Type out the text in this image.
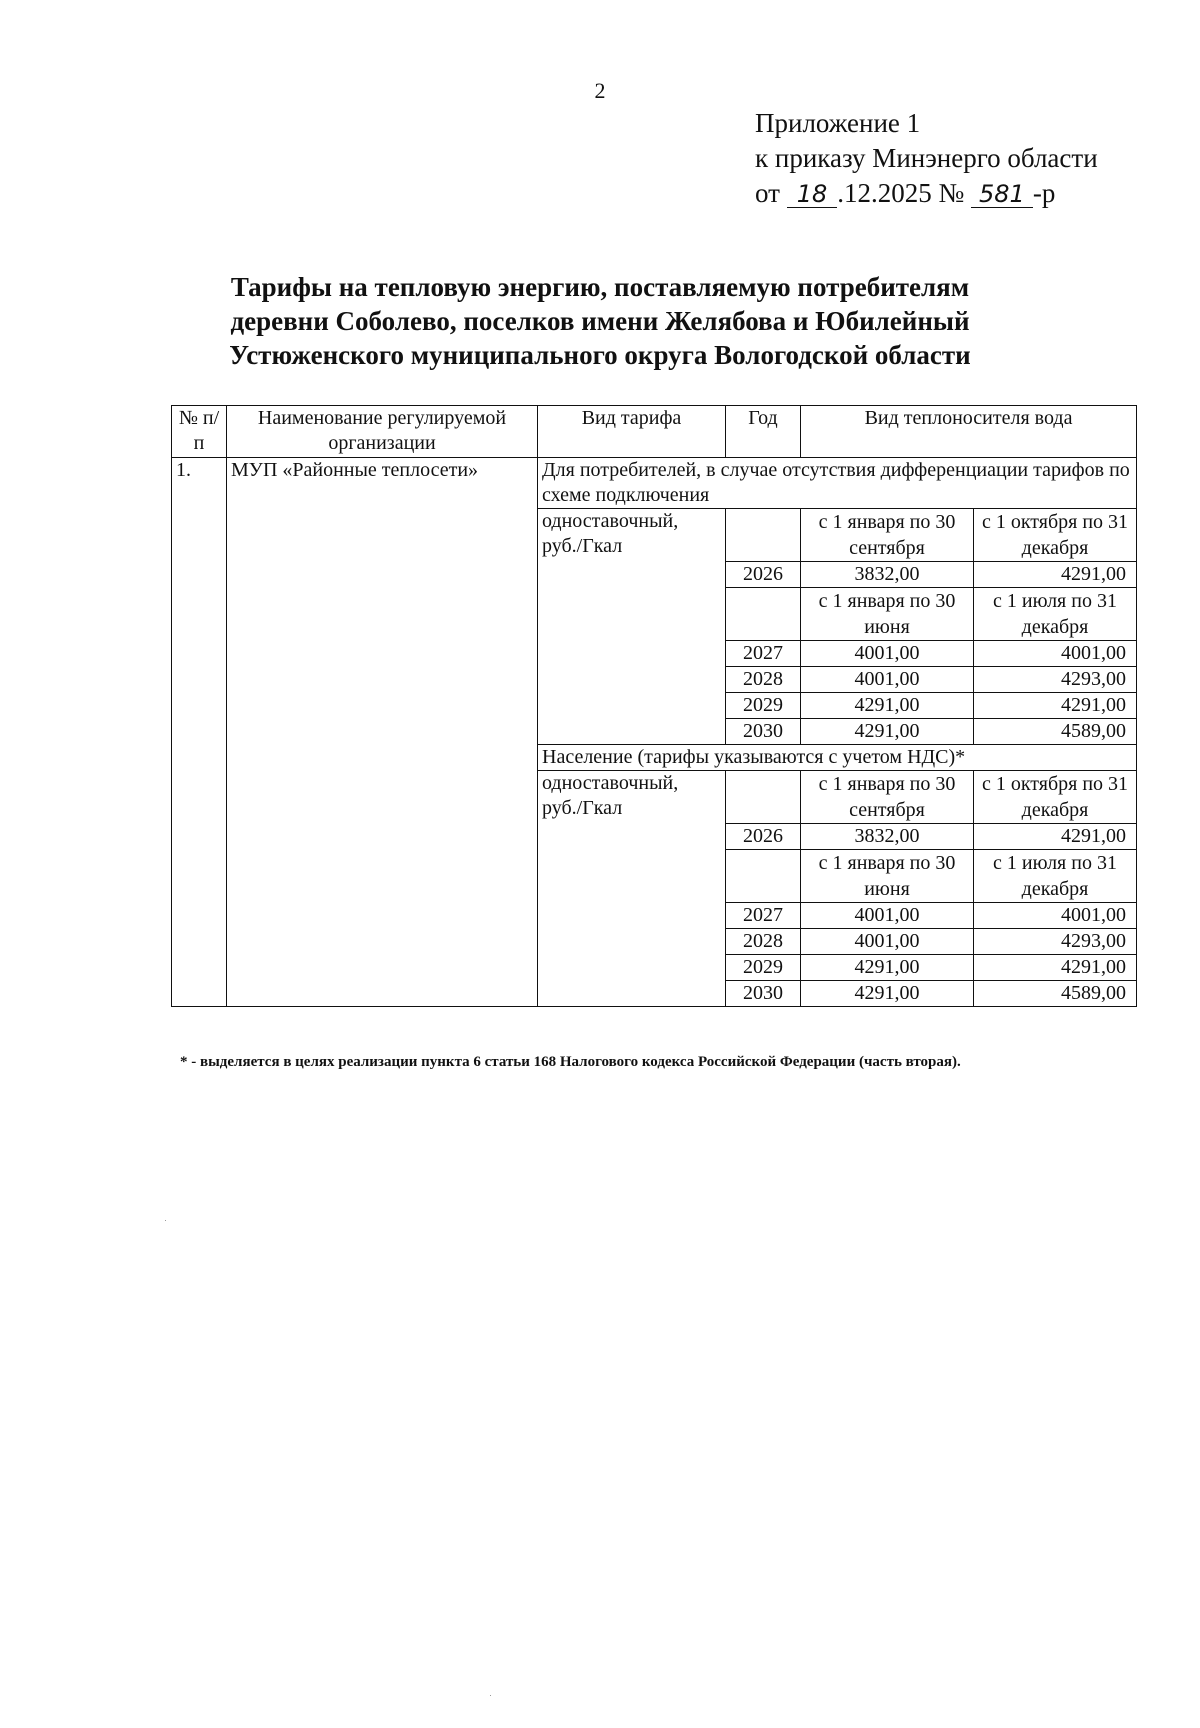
2
Приложение 1
к приказу Минэнерго области
от 18 .12.2025 № 581 -р
Тарифы на тепловую энергию, поставляемую потребителям
деревни Соболево, поселков имени Желябова и Юбилейный
Устюженского муниципального округа Вологодской области
№ п/п	Наименование регулируемой организации	Вид тарифа	Год	Вид теплоносителя вода	
1.	МУП «Районные теплосети»	Для потребителей, в случае отсутствия дифференциации тарифов по схеме подключения			
		одноставочный, руб./Гкал		с 1 января по 30 сентября	с 1 октября по 31 декабря
			2026	3832,00	4291,00
				с 1 января по 30 июня	с 1 июля по 31 декабря
			2027	4001,00	4001,00
			2028	4001,00	4293,00
			2029	4291,00	4291,00
			2030	4291,00	4589,00
		Население (тарифы указываются с учетом НДС)*			
		одноставочный, руб./Гкал		с 1 января по 30 сентября	с 1 октября по 31 декабря
			2026	3832,00	4291,00
				с 1 января по 30 июня	с 1 июля по 31 декабря
			2027	4001,00	4001,00
			2028	4001,00	4293,00
			2029	4291,00	4291,00
			2030	4291,00	4589,00
* - выделяется в целях реализации пункта 6 статьи 168 Налогового кодекса Российской Федерации (часть вторая).
